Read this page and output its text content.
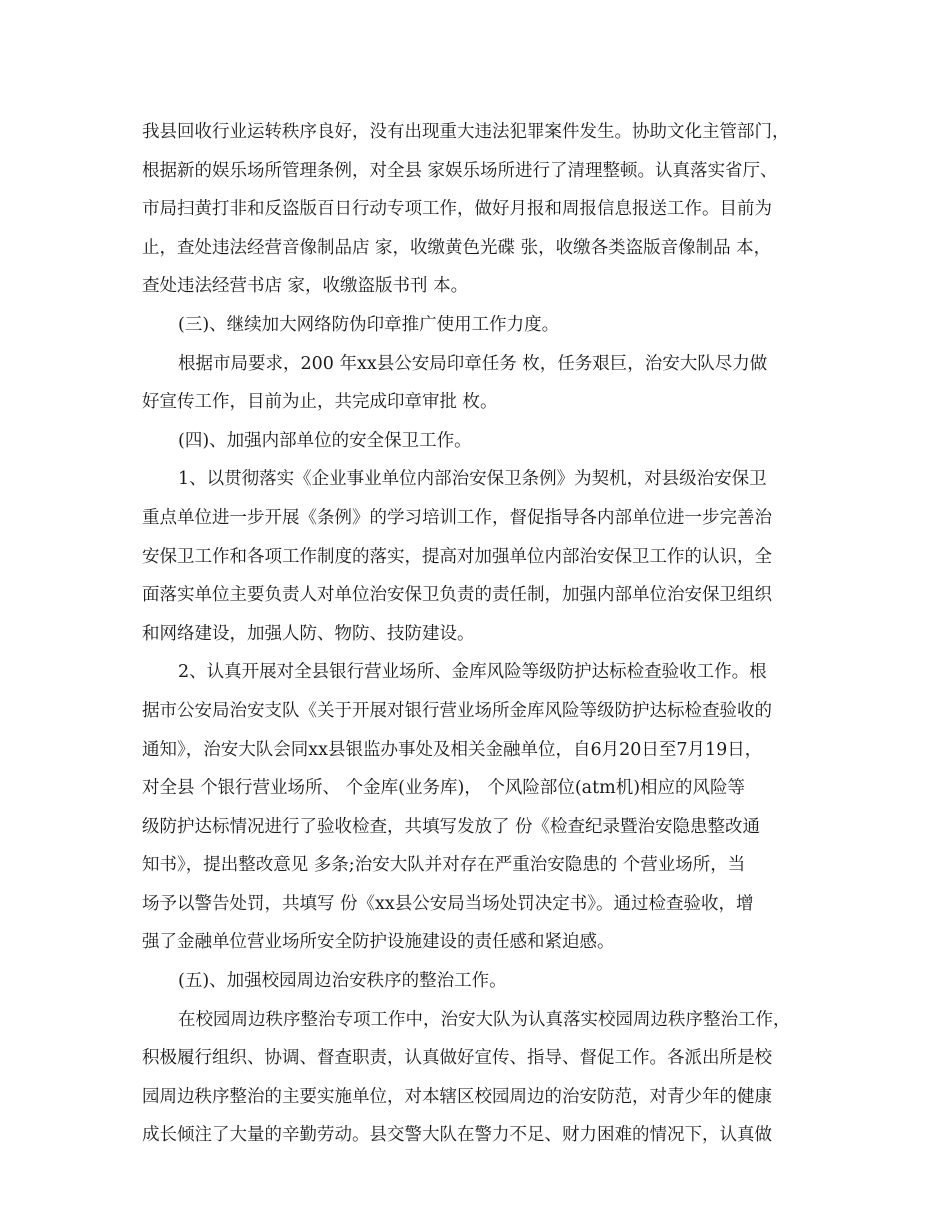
我县回收行业运转秩序良好，没有出现重大违法犯罪案件发生。协助文化主管部门，
根据新的娱乐场所管理条例，对全县 家娱乐场所进行了清理整顿。认真落实省厅、
市局扫黄打非和反盗版百日行动专项工作，做好月报和周报信息报送工作。目前为
止，查处违法经营音像制品店 家，收缴黄色光碟 张，收缴各类盗版音像制品 本，
查处违法经营书店 家，收缴盗版书刊 本。
(三)、继续加大网络防伪印章推广使用工作力度。
根据市局要求，200 年xx县公安局印章任务 枚，任务艰巨，治安大队尽力做
好宣传工作，目前为止，共完成印章审批 枚。
(四)、加强内部单位的安全保卫工作。
1、以贯彻落实《企业事业单位内部治安保卫条例》为契机，对县级治安保卫
重点单位进一步开展《条例》的学习培训工作，督促指导各内部单位进一步完善治
安保卫工作和各项工作制度的落实，提高对加强单位内部治安保卫工作的认识，全
面落实单位主要负责人对单位治安保卫负责的责任制，加强内部单位治安保卫组织
和网络建设，加强人防、物防、技防建设。
2、认真开展对全县银行营业场所、金库风险等级防护达标检查验收工作。根
据市公安局治安支队《关于开展对银行营业场所金库风险等级防护达标检查验收的
通知》，治安大队会同xx县银监办事处及相关金融单位，自6月20日至7月19日，
对全县 个银行营业场所、 个金库(业务库)， 个风险部位(atm机)相应的风险等
级防护达标情况进行了验收检查，共填写发放了 份《检查纪录暨治安隐患整改通
知书》，提出整改意见 多条;治安大队并对存在严重治安隐患的 个营业场所，当
场予以警告处罚，共填写 份《xx县公安局当场处罚决定书》。通过检查验收，增
强了金融单位营业场所安全防护设施建设的责任感和紧迫感。
(五)、加强校园周边治安秩序的整治工作。
在校园周边秩序整治专项工作中，治安大队为认真落实校园周边秩序整治工作，
积极履行组织、协调、督查职责，认真做好宣传、指导、督促工作。各派出所是校
园周边秩序整治的主要实施单位，对本辖区校园周边的治安防范，对青少年的健康
成长倾注了大量的辛勤劳动。县交警大队在警力不足、财力困难的情况下，认真做
